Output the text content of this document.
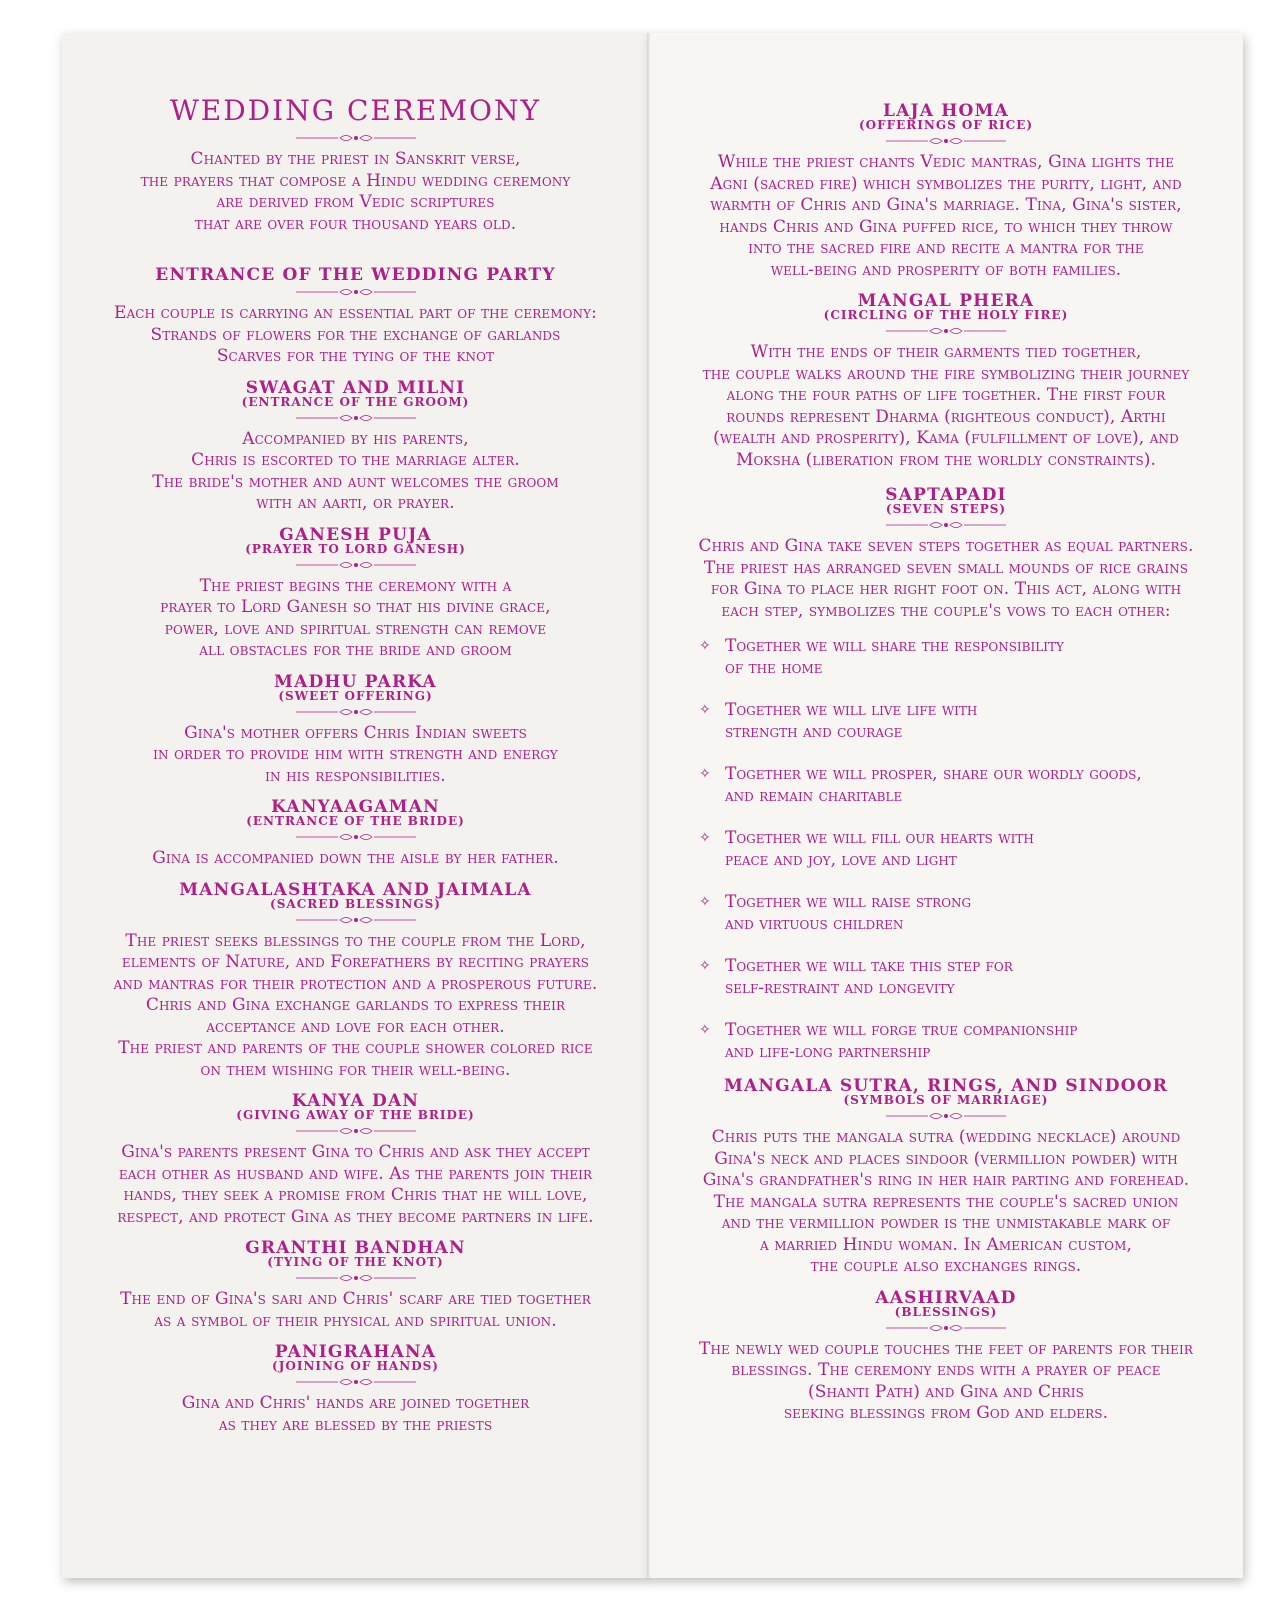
WEDDING CEREMONY
Chanted by the priest in Sanskrit verse,
the prayers that compose a Hindu wedding ceremony
are derived from Vedic scriptures
that are over four thousand years old.
ENTRANCE OF THE WEDDING PARTY
Each couple is carrying an essential part of the ceremony:
Strands of flowers for the exchange of garlands
Scarves for the tying of the knot
SWAGAT AND MILNI
(ENTRANCE OF THE GROOM)
Accompanied by his parents,
Chris is escorted to the marriage alter.
The bride's mother and aunt welcomes the groom
with an aarti, or prayer.
GANESH PUJA
(PRAYER TO LORD GANESH)
The priest begins the ceremony with a
prayer to Lord Ganesh so that his divine grace,
power, love and spiritual strength can remove
all obstacles for the bride and groom
MADHU PARKA
(SWEET OFFERING)
Gina's mother offers Chris Indian sweets
in order to provide him with strength and energy
in his responsibilities.
KANYAAGAMAN
(ENTRANCE OF THE BRIDE)
Gina is accompanied down the aisle by her father.
MANGALASHTAKA AND JAIMALA
(SACRED BLESSINGS)
The priest seeks blessings to the couple from the Lord,
elements of Nature, and Forefathers by reciting prayers
and mantras for their protection and a prosperous future.
Chris and Gina exchange garlands to express their
acceptance and love for each other.
The priest and parents of the couple shower colored rice
on them wishing for their well-being.
KANYA DAN
(GIVING AWAY OF THE BRIDE)
Gina's parents present Gina to Chris and ask they accept
each other as husband and wife. As the parents join their
hands, they seek a promise from Chris that he will love,
respect, and protect Gina as they become partners in life.
GRANTHI BANDHAN
(TYING OF THE KNOT)
The end of Gina's sari and Chris' scarf are tied together
as a symbol of their physical and spiritual union.
PANIGRAHANA
(JOINING OF HANDS)
Gina and Chris' hands are joined together
as they are blessed by the priests
LAJA HOMA
(OFFERINGS OF RICE)
While the priest chants Vedic mantras, Gina lights the
Agni (sacred fire) which symbolizes the purity, light, and
warmth of Chris and Gina's marriage. Tina, Gina's sister,
hands Chris and Gina puffed rice, to which they throw
into the sacred fire and recite a mantra for the
well-being and prosperity of both families.
MANGAL PHERA
(CIRCLING OF THE HOLY FIRE)
With the ends of their garments tied together,
the couple walks around the fire symbolizing their journey
along the four paths of life together. The first four
rounds represent Dharma (righteous conduct), Arthi
(wealth and prosperity), Kama (fulfillment of love), and
Moksha (liberation from the worldly constraints).
SAPTAPADI
(SEVEN STEPS)
Chris and Gina take seven steps together as equal partners.
The priest has arranged seven small mounds of rice grains
for Gina to place her right foot on. This act, along with
each step, symbolizes the couple's vows to each other:
✧ Together we will share the responsibility
of the home
✧ Together we will live life with
strength and courage
✧ Together we will prosper, share our wordly goods,
and remain charitable
✧ Together we will fill our hearts with
peace and joy, love and light
✧ Together we will raise strong
and virtuous children
✧ Together we will take this step for
self-restraint and longevity
✧ Together we will forge true companionship
and life-long partnership
MANGALA SUTRA, RINGS, AND SINDOOR
(SYMBOLS OF MARRIAGE)
Chris puts the mangala sutra (wedding necklace) around
Gina's neck and places sindoor (vermillion powder) with
Gina's grandfather's ring in her hair parting and forehead.
The mangala sutra represents the couple's sacred union
and the vermillion powder is the unmistakable mark of
a married Hindu woman. In American custom,
the couple also exchanges rings.
AASHIRVAAD
(BLESSINGS)
The newly wed couple touches the feet of parents for their
blessings. The ceremony ends with a prayer of peace
(Shanti Path) and Gina and Chris
seeking blessings from God and elders.
